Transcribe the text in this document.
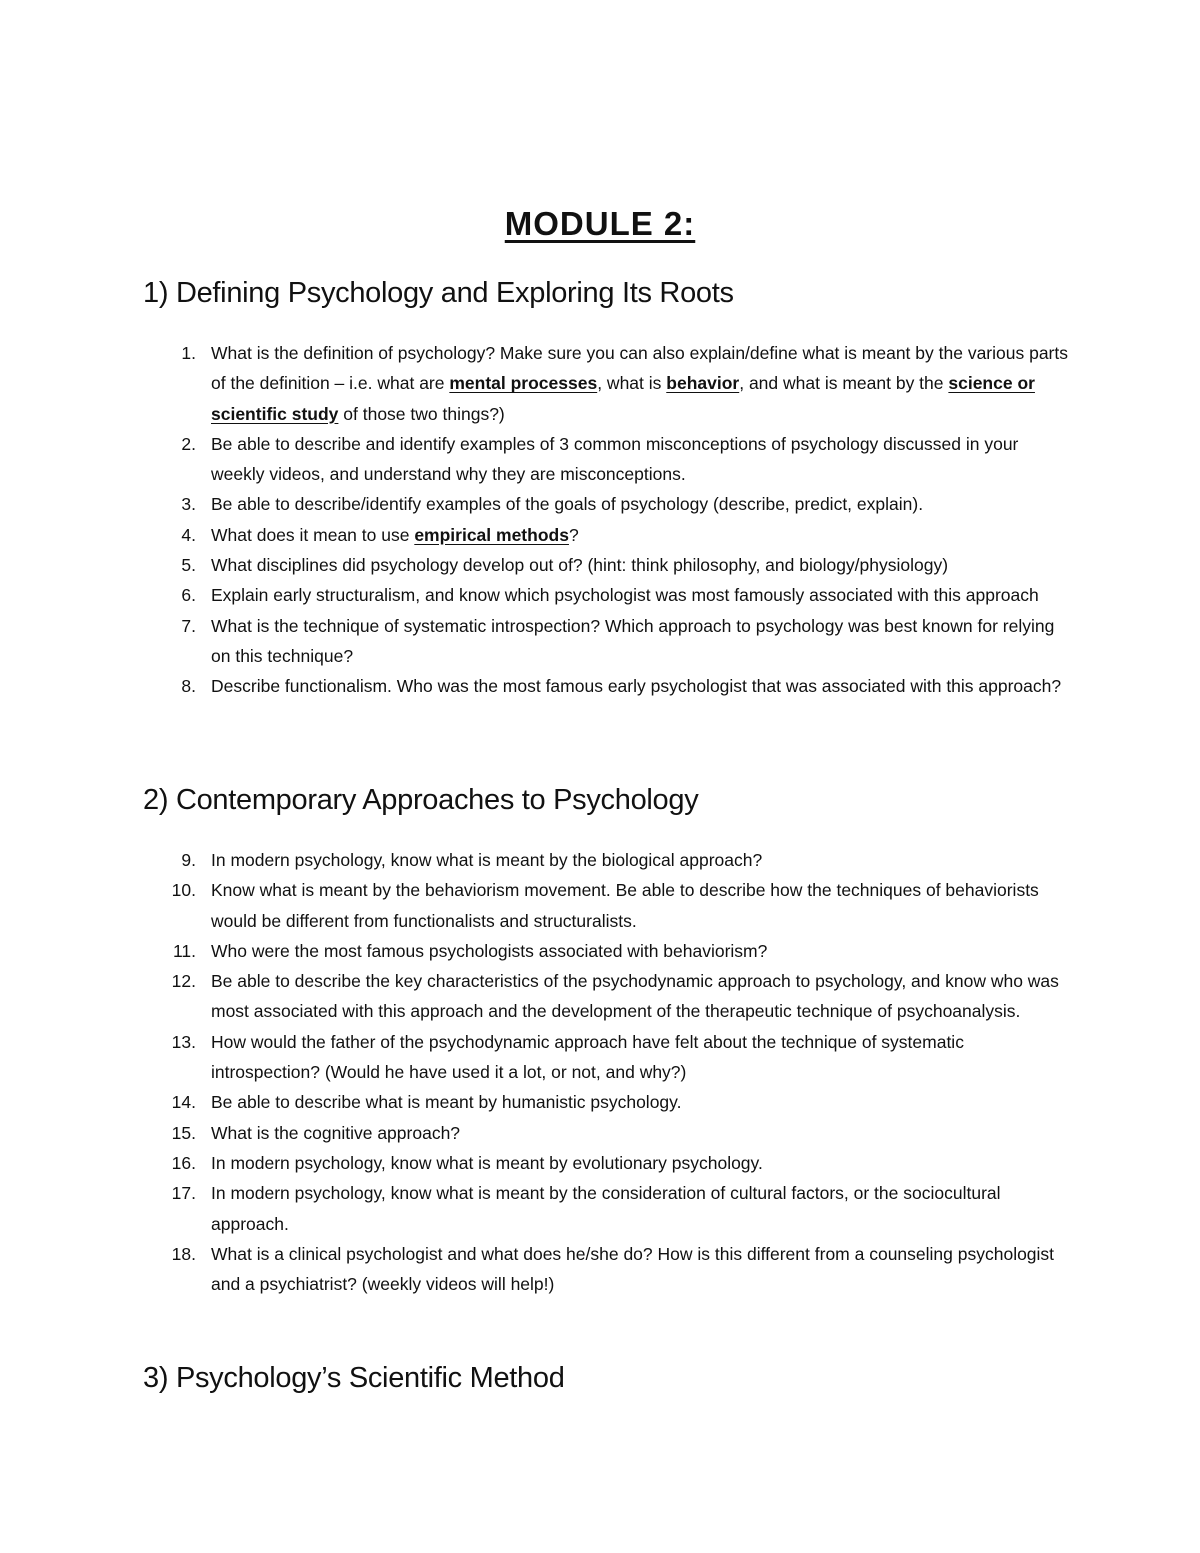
MODULE 2:
1) Defining Psychology and Exploring Its Roots
1. What is the definition of psychology? Make sure you can also explain/define what is meant by the various parts of the definition – i.e. what are mental processes, what is behavior, and what is meant by the science or scientific study of those two things?)
2. Be able to describe and identify examples of 3 common misconceptions of psychology discussed in your weekly videos, and understand why they are misconceptions.
3. Be able to describe/identify examples of the goals of psychology (describe, predict, explain).
4. What does it mean to use empirical methods?
5. What disciplines did psychology develop out of? (hint: think philosophy, and biology/physiology)
6. Explain early structuralism, and know which psychologist was most famously associated with this approach
7. What is the technique of systematic introspection? Which approach to psychology was best known for relying on this technique?
8. Describe functionalism. Who was the most famous early psychologist that was associated with this approach?
2) Contemporary Approaches to Psychology
9. In modern psychology, know what is meant by the biological approach?
10. Know what is meant by the behaviorism movement. Be able to describe how the techniques of behaviorists would be different from functionalists and structuralists.
11. Who were the most famous psychologists associated with behaviorism?
12. Be able to describe the key characteristics of the psychodynamic approach to psychology, and know who was most associated with this approach and the development of the therapeutic technique of psychoanalysis.
13. How would the father of the psychodynamic approach have felt about the technique of systematic introspection? (Would he have used it a lot, or not, and why?)
14. Be able to describe what is meant by humanistic psychology.
15. What is the cognitive approach?
16. In modern psychology, know what is meant by evolutionary psychology.
17. In modern psychology, know what is meant by the consideration of cultural factors, or the sociocultural approach.
18. What is a clinical psychologist and what does he/she do? How is this different from a counseling psychologist and a psychiatrist? (weekly videos will help!)
3) Psychology’s Scientific Method
